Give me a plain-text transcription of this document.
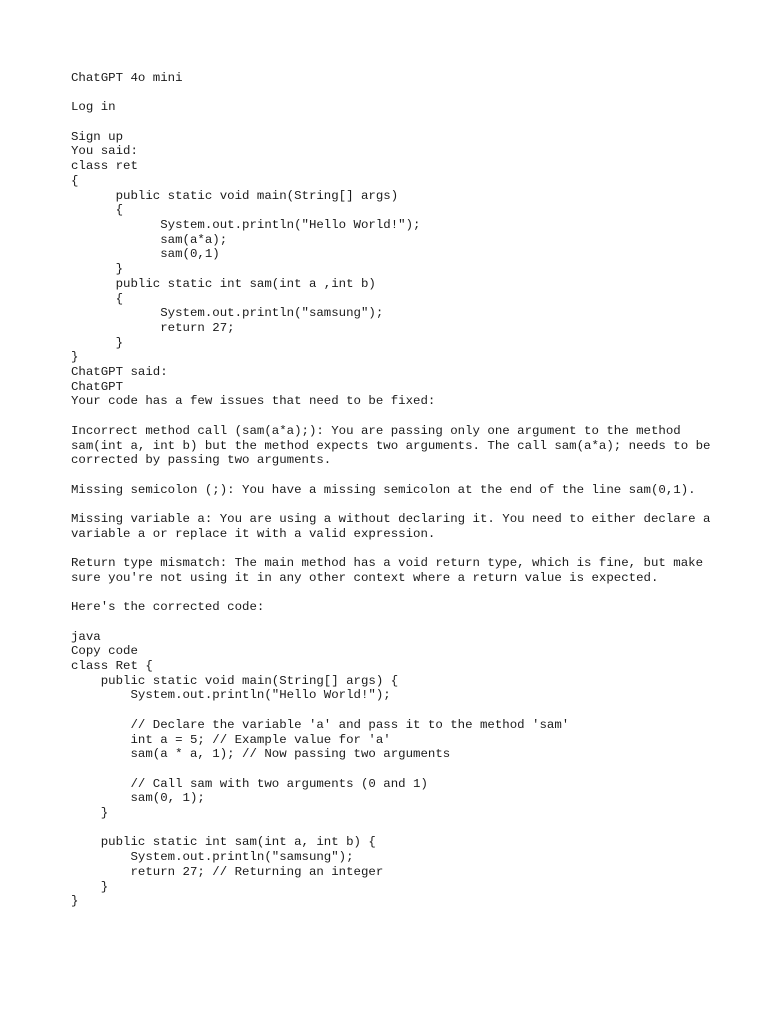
ChatGPT 4o mini
Log in
Sign up
You said:
class ret
{
public static void main(String[] args)
{
System.out.println("Hello World!");
sam(a*a);
sam(0,1)
}
public static int sam(int a ,int b)
{
System.out.println("samsung");
return 27;
}
}
ChatGPT said:
ChatGPT
Your code has a few issues that need to be fixed:
Incorrect method call (sam(a*a);): You are passing only one argument to the method sam(int a, int b) but the method expects two arguments. The call sam(a*a); needs to be corrected by passing two arguments.
Missing semicolon (;): You have a missing semicolon at the end of the line sam(0,1).
Missing variable a: You are using a without declaring it. You need to either declare a variable a or replace it with a valid expression.
Return type mismatch: The main method has a void return type, which is fine, but make sure you're not using it in any other context where a return value is expected.
Here's the corrected code:
java
Copy code
class Ret {
public static void main(String[] args) {
System.out.println("Hello World!");
// Declare the variable 'a' and pass it to the method 'sam'
int a = 5; // Example value for 'a'
sam(a * a, 1); // Now passing two arguments
// Call sam with two arguments (0 and 1)
sam(0, 1);
}
public static int sam(int a, int b) {
System.out.println("samsung");
return 27; // Returning an integer
}
}
